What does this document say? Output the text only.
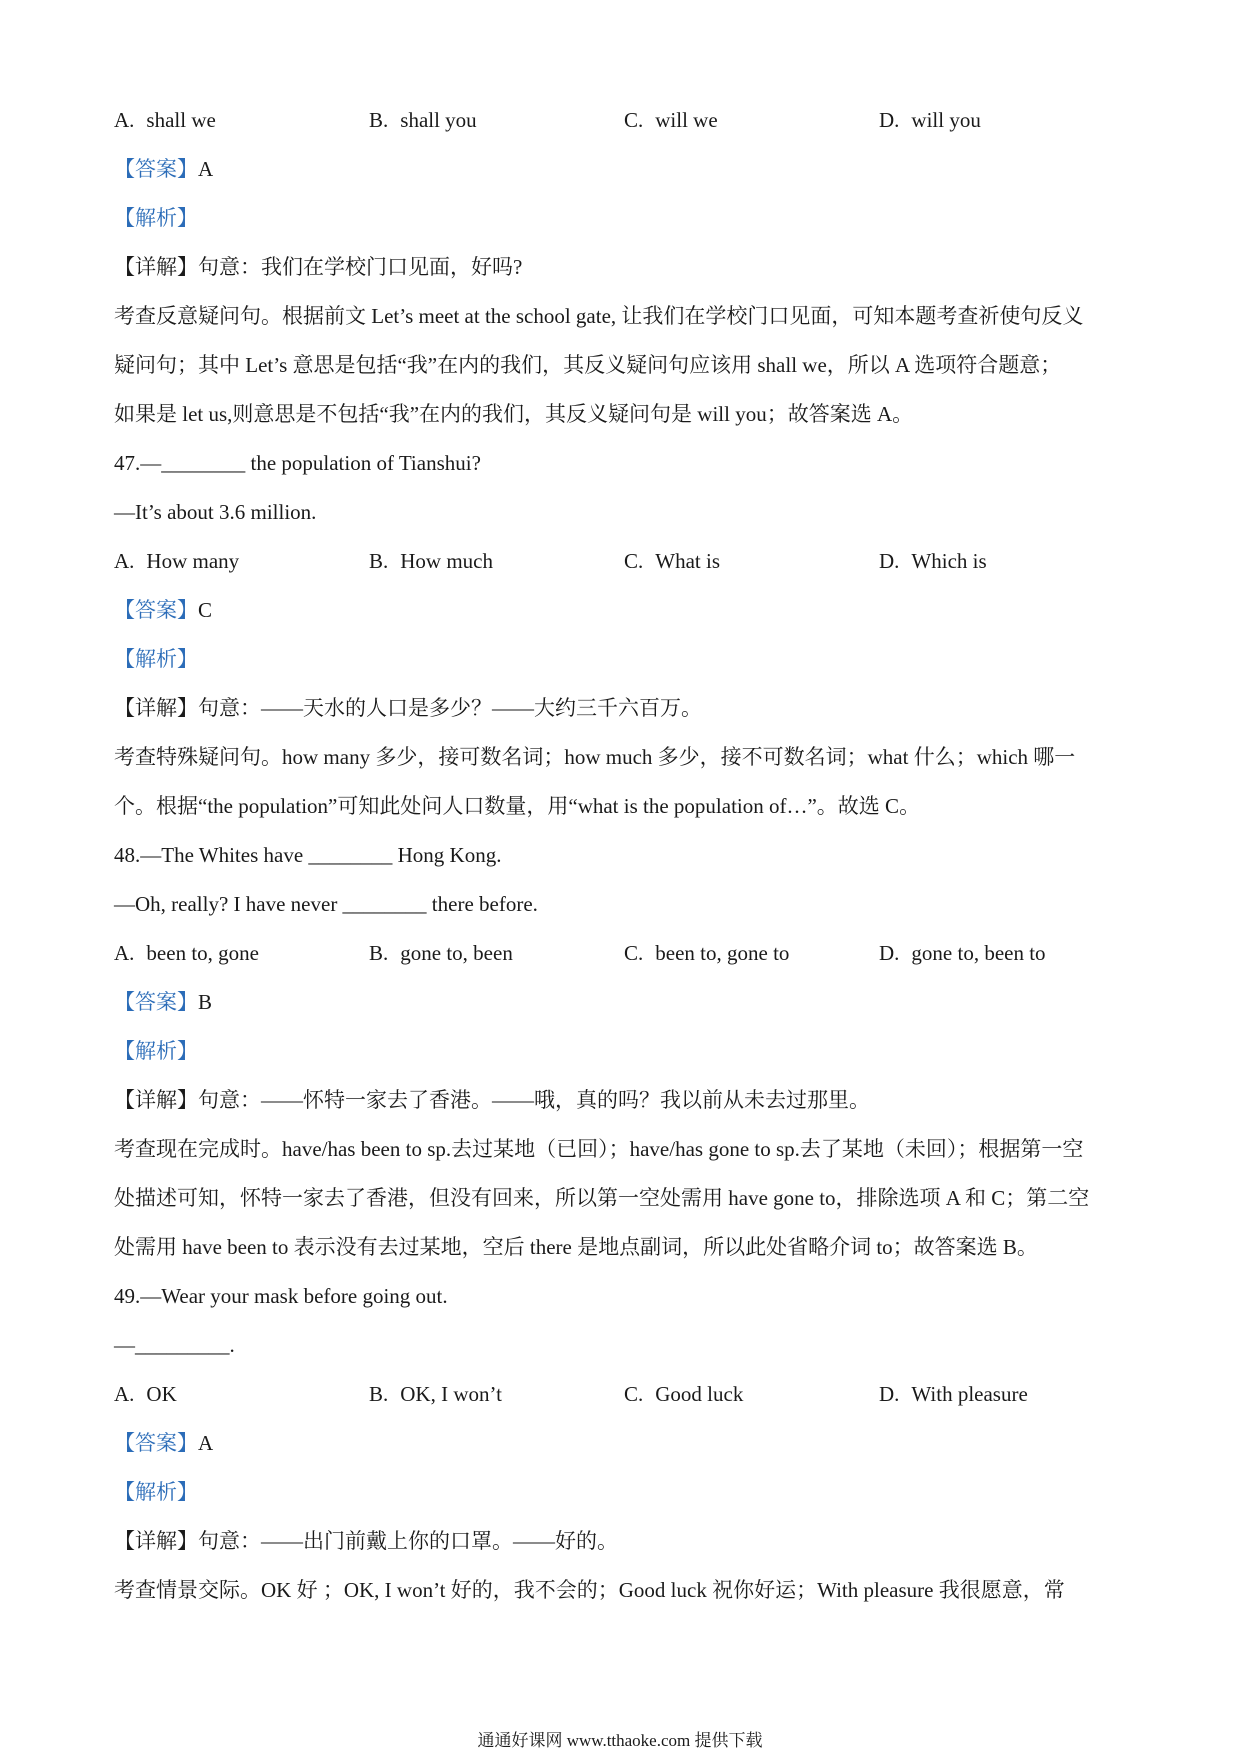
A. shall we	B. shall you	C. will we	D. will you
【答案】A
【解析】
【详解】句意：我们在学校门口见面，好吗?
考查反意疑问句。根据前文 Let’s meet at the school gate, 让我们在学校门口见面，可知本题考查祈使句反义
疑问句；其中 Let’s 意思是包括“我”在内的我们，其反义疑问句应该用 shall we，所以 A 选项符合题意；
如果是 let us,则意思是不包括“我”在内的我们，其反义疑问句是 will you；故答案选 A。
47.—________ the population of Tianshui?
—It’s about 3.6 million.
A. How many	B. How much	C. What is	D. Which is
【答案】C
【解析】
【详解】句意：——天水的人口是多少？——大约三千六百万。
考查特殊疑问句。how many 多少，接可数名词；how much 多少，接不可数名词；what 什么；which 哪一
个。根据“the population”可知此处问人口数量，用“what is the population of…”。故选 C。
48.—The Whites have ________ Hong Kong.
—Oh, really? I have never ________ there before.
A. been to, gone	B. gone to, been	C. been to, gone to	D. gone to, been to
【答案】B
【解析】
【详解】句意：——怀特一家去了香港。——哦，真的吗？我以前从未去过那里。
考查现在完成时。have/has been to sp.去过某地（已回）；have/has gone to sp.去了某地（未回）；根据第一空
处描述可知，怀特一家去了香港，但没有回来，所以第一空处需用 have gone to，排除选项 A 和 C；第二空
处需用 have been to 表示没有去过某地，空后 there 是地点副词，所以此处省略介词 to；故答案选 B。
49.—Wear your mask before going out.
—_________.
A. OK	B. OK, I won’t	C. Good luck	D. With pleasure
【答案】A
【解析】
【详解】句意：——出门前戴上你的口罩。——好的。
考查情景交际。OK 好 ；OK, I won’t 好的，我不会的；Good luck 祝你好运；With pleasure 我很愿意，常
通通好课网 www.tthaoke.com 提供下载
